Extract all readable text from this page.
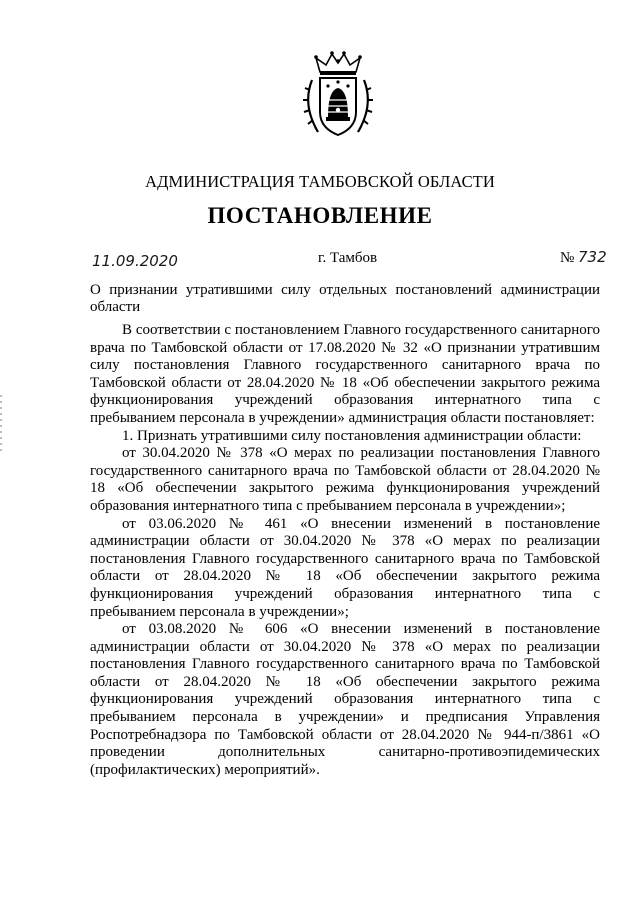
АДМИНИСТРАЦИЯ ТАМБОВСКОЙ ОБЛАСТИ
ПОСТАНОВЛЕНИЕ
11.09.2020	г. Тамбов	№ 732
О признании утратившими силу отдельных постановлений администрации области

В соответствии с постановлением Главного государственного санитарного врача по Тамбовской области от 17.08.2020 № 32 «О признании утратившим силу постановления Главного государственного санитарного врача по Тамбовской области от 28.04.2020 № 18 «Об обеспечении закрытого режима функционирования учреждений образования интернатного типа с пребыванием персонала в учреждении» администрация области постановляет:

1. Признать утратившими силу постановления администрации области:

от 30.04.2020 № 378 «О мерах по реализации постановления Главного государственного санитарного врача по Тамбовской области от 28.04.2020 № 18 «Об обеспечении закрытого режима функционирования учреждений образования интернатного типа с пребыванием персонала в учреждении»;

от 03.06.2020 № 461 «О внесении изменений в постановление администрации области от 30.04.2020 № 378 «О мерах по реализации постановления Главного государственного санитарного врача по Тамбовской области от 28.04.2020 № 18 «Об обеспечении закрытого режима функционирования учреждений образования интернатного типа с пребыванием персонала в учреждении»;

от 03.08.2020 № 606 «О внесении изменений в постановление администрации области от 30.04.2020 № 378 «О мерах по реализации постановления Главного государственного санитарного врача по Тамбовской области от 28.04.2020 № 18 «Об обеспечении закрытого режима функционирования учреждений образования интернатного типа с пребыванием персонала в учреждении» и предписания Управления Роспотребнадзора по Тамбовской области от 28.04.2020 № 944-п/3861 «О проведении дополнительных санитарно-противоэпидемических (профилактических) мероприятий».
